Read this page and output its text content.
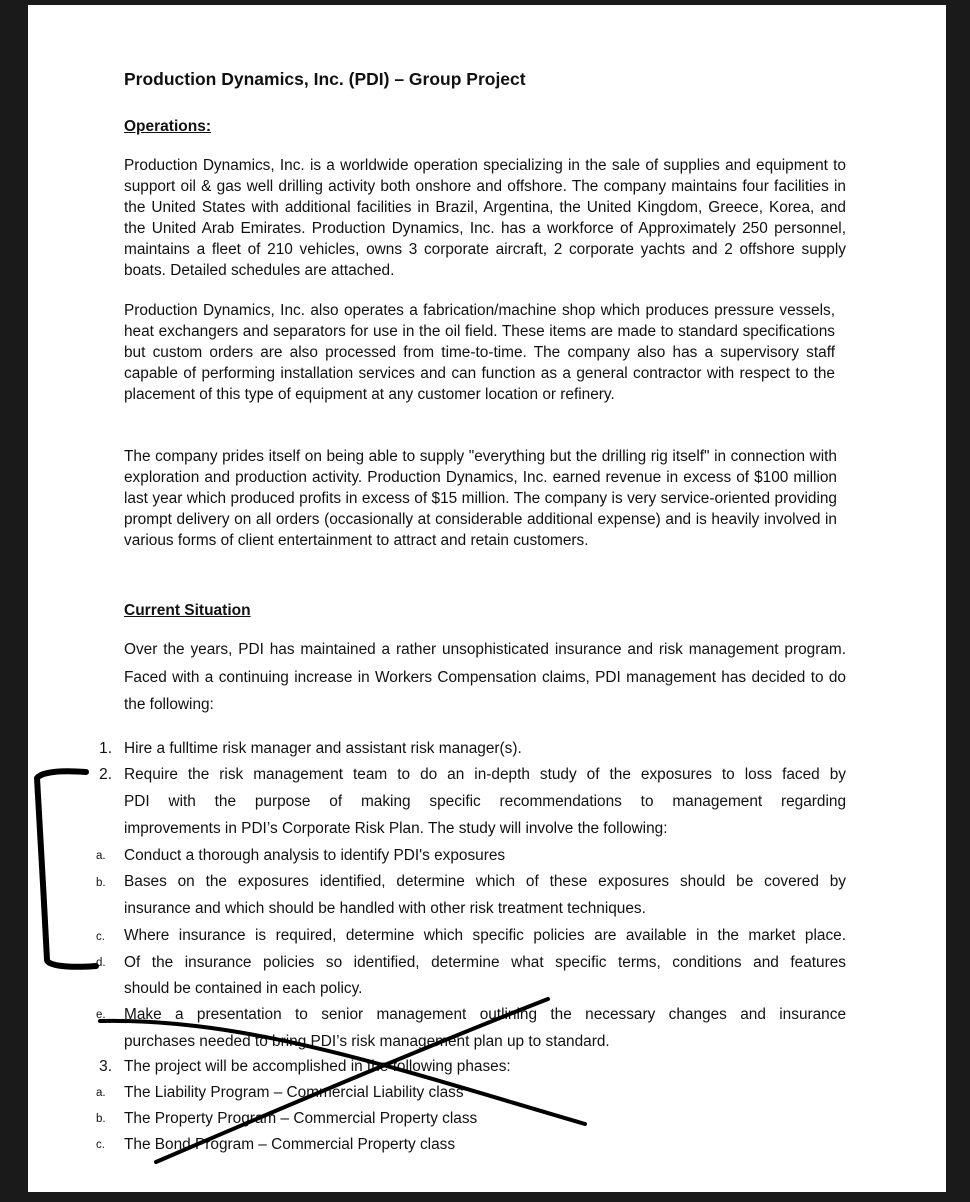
Production Dynamics, Inc. (PDI) – Group Project
Operations:
Production Dynamics, Inc. is a worldwide operation specializing in the sale of supplies and equipment to support oil & gas well drilling activity both onshore and offshore. The company maintains four facilities in the United States with additional facilities in Brazil, Argentina, the United Kingdom, Greece, Korea, and the United Arab Emirates. Production Dynamics, Inc. has a workforce of Approximately 250 personnel, maintains a fleet of 210 vehicles, owns 3 corporate aircraft, 2 corporate yachts and 2 offshore supply boats. Detailed schedules are attached.
Production Dynamics, Inc. also operates a fabrication/machine shop which produces pressure vessels, heat exchangers and separators for use in the oil field. These items are made to standard specifications but custom orders are also processed from time-to-time. The company also has a supervisory staff capable of performing installation services and can function as a general contractor with respect to the placement of this type of equipment at any customer location or refinery.
The company prides itself on being able to supply "everything but the drilling rig itself" in connection with exploration and production activity. Production Dynamics, Inc. earned revenue in excess of $100 million last year which produced profits in excess of $15 million. The company is very service-oriented providing prompt delivery on all orders (occasionally at considerable additional expense) and is heavily involved in various forms of client entertainment to attract and retain customers.
Current Situation
Over the years, PDI has maintained a rather unsophisticated insurance and risk management program. Faced with a continuing increase in Workers Compensation claims, PDI management has decided to do the following:
1. Hire a fulltime risk manager and assistant risk manager(s).
2. Require the risk management team to do an in-depth study of the exposures to loss faced by
PDI with the purpose of making specific recommendations to management regarding
improvements in PDI’s Corporate Risk Plan. The study will involve the following:
a.	Conduct a thorough analysis to identify PDI's exposures
b.	Bases on the exposures identified, determine which of these exposures should be covered by
insurance and which should be handled with other risk treatment techniques.
c.	Where insurance is required, determine which specific policies are available in the market place.
d.	Of the insurance policies so identified, determine what specific terms, conditions and features
should be contained in each policy.
e.	Make a presentation to senior management outlining the necessary changes and insurance
purchases needed to bring PDI’s risk management plan up to standard.
3. The project will be accomplished in the following phases:
a.	The Liability Program – Commercial Liability class
b.	The Property Program – Commercial Property class
c.	The Bond Program – Commercial Property class
